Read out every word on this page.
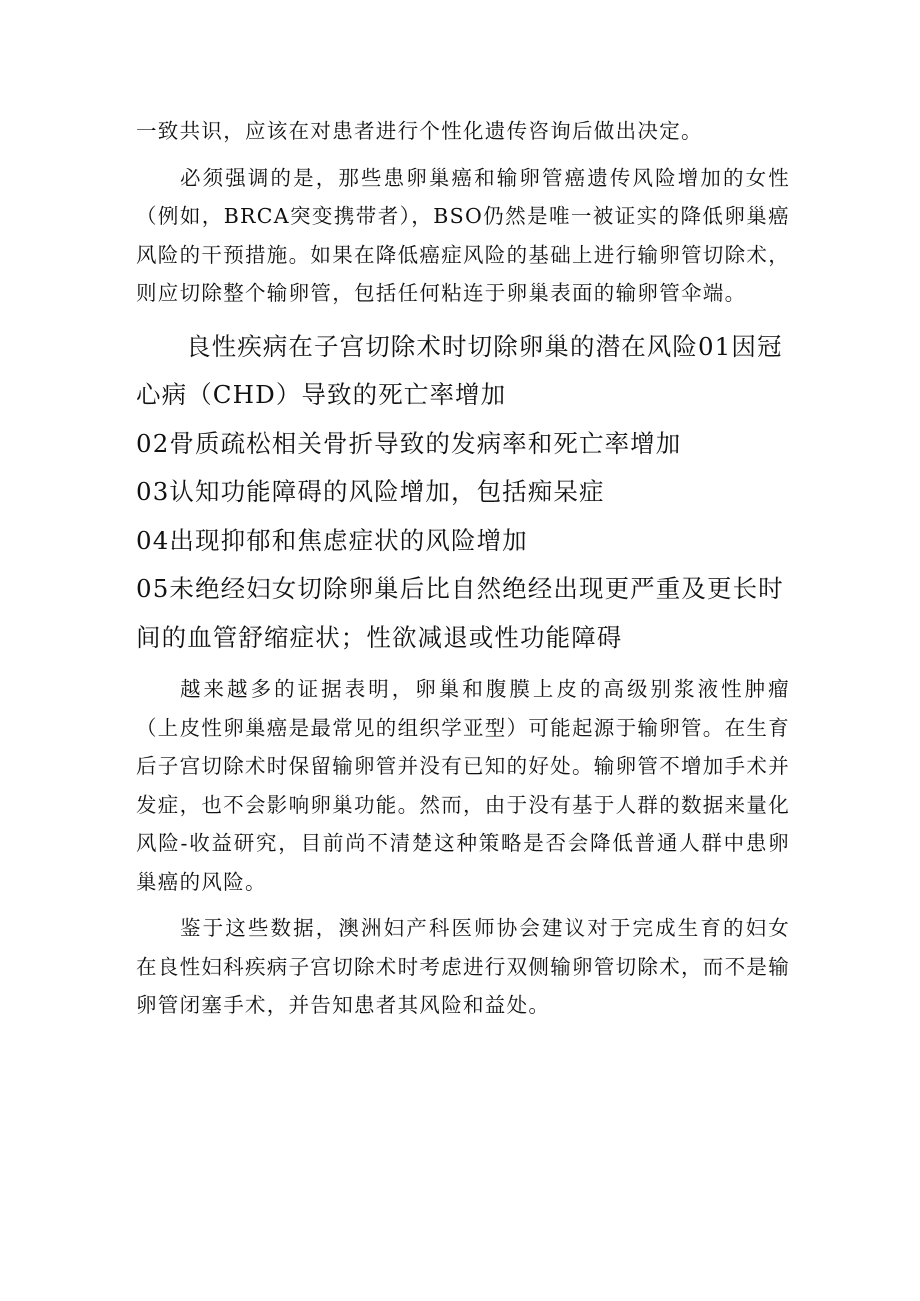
一致共识，应该在对患者进行个性化遗传咨询后做出决定。

必须强调的是，那些患卵巢癌和输卵管癌遗传风险增加的女性（例如，BRCA突变携带者），BSO仍然是唯一被证实的降低卵巢癌风险的干预措施。如果在降低癌症风险的基础上进行输卵管切除术，则应切除整个输卵管，包括任何粘连于卵巢表面的输卵管伞端。

良性疾病在子宫切除术时切除卵巢的潜在风险01因冠心病（CHD）导致的死亡率增加

02骨质疏松相关骨折导致的发病率和死亡率增加

03认知功能障碍的风险增加，包括痴呆症

04出现抑郁和焦虑症状的风险增加

05未绝经妇女切除卵巢后比自然绝经出现更严重及更长时间的血管舒缩症状；性欲减退或性功能障碍

越来越多的证据表明，卵巢和腹膜上皮的高级别浆液性肿瘤（上皮性卵巢癌是最常见的组织学亚型）可能起源于输卵管。在生育后子宫切除术时保留输卵管并没有已知的好处。输卵管不增加手术并发症，也不会影响卵巢功能。然而，由于没有基于人群的数据来量化风险-收益研究，目前尚不清楚这种策略是否会降低普通人群中患卵巢癌的风险。

鉴于这些数据，澳洲妇产科医师协会建议对于完成生育的妇女在良性妇科疾病子宫切除术时考虑进行双侧输卵管切除术，而不是输卵管闭塞手术，并告知患者其风险和益处。
